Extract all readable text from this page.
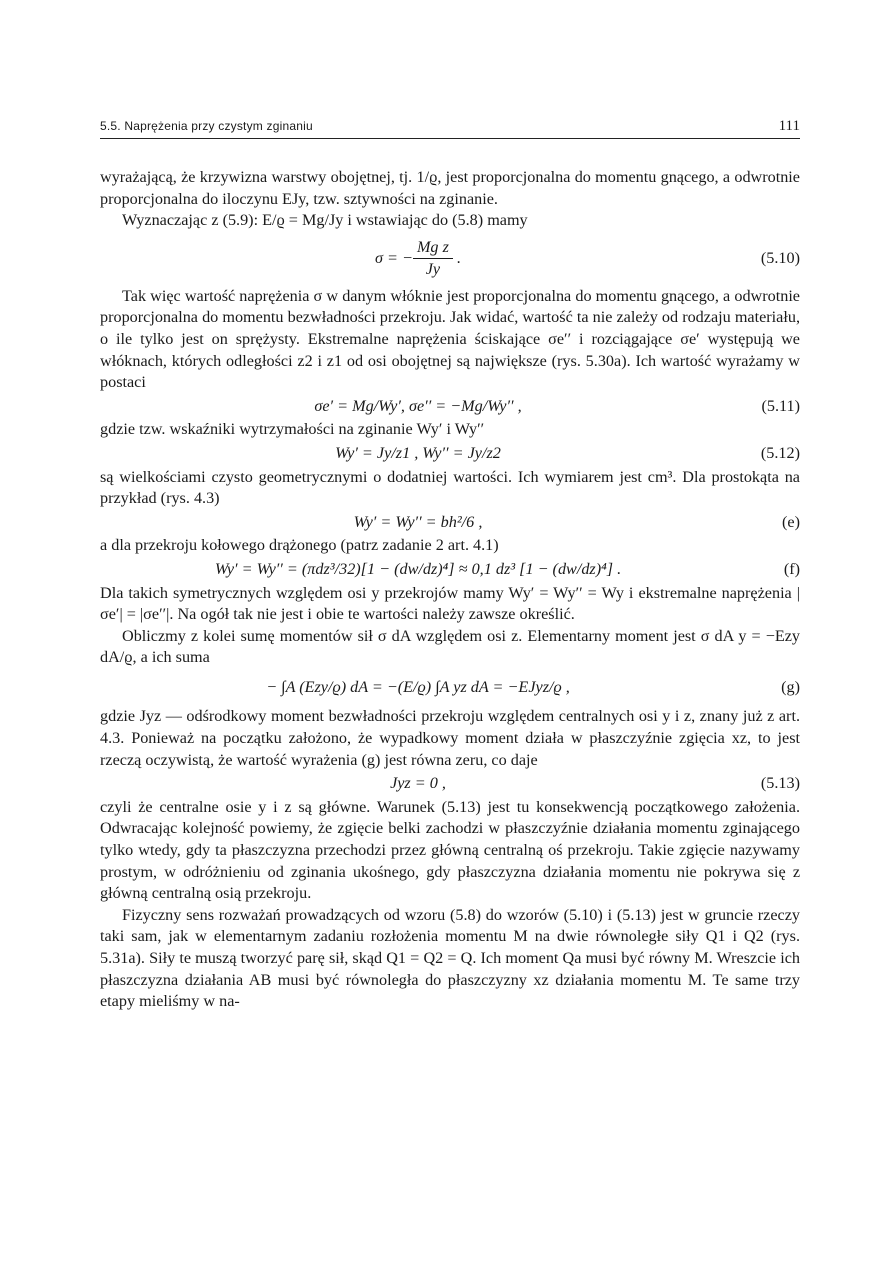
5.5. Naprężenia przy czystym zginaniu	111

wyrażającą, że krzywizna warstwy obojętnej, tj. 1/ϱ, jest proporcjonalna do momentu gnącego, a odwrotnie proporcjonalna do iloczynu EJy, tzw. sztywności na zginanie.

Wyznaczając z (5.9): E/ϱ = Mg/Jy i wstawiając do (5.8) mamy

σ = − $\frac{\text{Mg z}}{Jy}$ .	(5.10)

Tak więc wartość naprężenia σ w danym włóknie jest proporcjonalna do momentu gnącego, a odwrotnie proporcjonalna do momentu bezwładności przekroju. Jak widać, wartość ta nie zależy od rodzaju materiału, o ile tylko jest on sprężysty. Ekstremalne naprężenia ściskające σe′′ i rozciągające σe′ występują we włóknach, których odległości z2 i z1 od osi obojętnej są największe (rys. 5.30a). Ich wartość wyrażamy w postaci

σe′ = Mg/Wy′, σe′′ = −Mg/Wy′′ ,	(5.11)

gdzie tzw. wskaźniki wytrzymałości na zginanie Wy′ i Wy′′

Wy′ = Jy/z1 , Wy′′ = Jy/z2	(5.12)

są wielkościami czysto geometrycznymi o dodatniej wartości. Ich wymiarem jest cm³. Dla prostokąta na przykład (rys. 4.3)

Wy′ = Wy′′ = bh²/6 ,	(e)

a dla przekroju kołowego drążonego (patrz zadanie 2 art. 4.1)

Wy′ = Wy′′ = (πdz³/32)[1 − (dw/dz)⁴] ≈ 0,1 dz³ [1 − (dw/dz)⁴] .	(f)

Dla takich symetrycznych względem osi y przekrojów mamy Wy′ = Wy′′ = Wy i ekstremalne naprężenia |σe′| = |σe′′|. Na ogół tak nie jest i obie te wartości należy zawsze określić.

Obliczmy z kolei sumę momentów sił σ dA względem osi z. Elementarny moment jest σ dA y = −Ezy dA/ϱ, a ich suma

− ∫A (Ezy/ϱ) dA = −(E/ϱ) ∫A yz dA = −EJyz/ϱ ,	(g)

gdzie Jyz — odśrodkowy moment bezwładności przekroju względem centralnych osi y i z, znany już z art. 4.3. Ponieważ na początku założono, że wypadkowy moment działa w płaszczyźnie zgięcia xz, to jest rzeczą oczywistą, że wartość wyrażenia (g) jest równa zeru, co daje

Jyz = 0 ,	(5.13)

czyli że centralne osie y i z są główne. Warunek (5.13) jest tu konsekwencją początkowego założenia. Odwracając kolejność powiemy, że zgięcie belki zachodzi w płaszczyźnie działania momentu zginającego tylko wtedy, gdy ta płaszczyzna przechodzi przez główną centralną oś przekroju. Takie zgięcie nazywamy prostym, w odróżnieniu od zginania ukośnego, gdy płaszczyzna działania momentu nie pokrywa się z główną centralną osią przekroju.

Fizyczny sens rozważań prowadzących od wzoru (5.8) do wzorów (5.10) i (5.13) jest w gruncie rzeczy taki sam, jak w elementarnym zadaniu rozłożenia momentu M na dwie równoległe siły Q1 i Q2 (rys. 5.31a). Siły te muszą tworzyć parę sił, skąd Q1 = Q2 = Q. Ich moment Qa musi być równy M. Wreszcie ich płaszczyzna działania AB musi być równoległa do płaszczyzny xz działania momentu M. Te same trzy etapy mieliśmy w na-
